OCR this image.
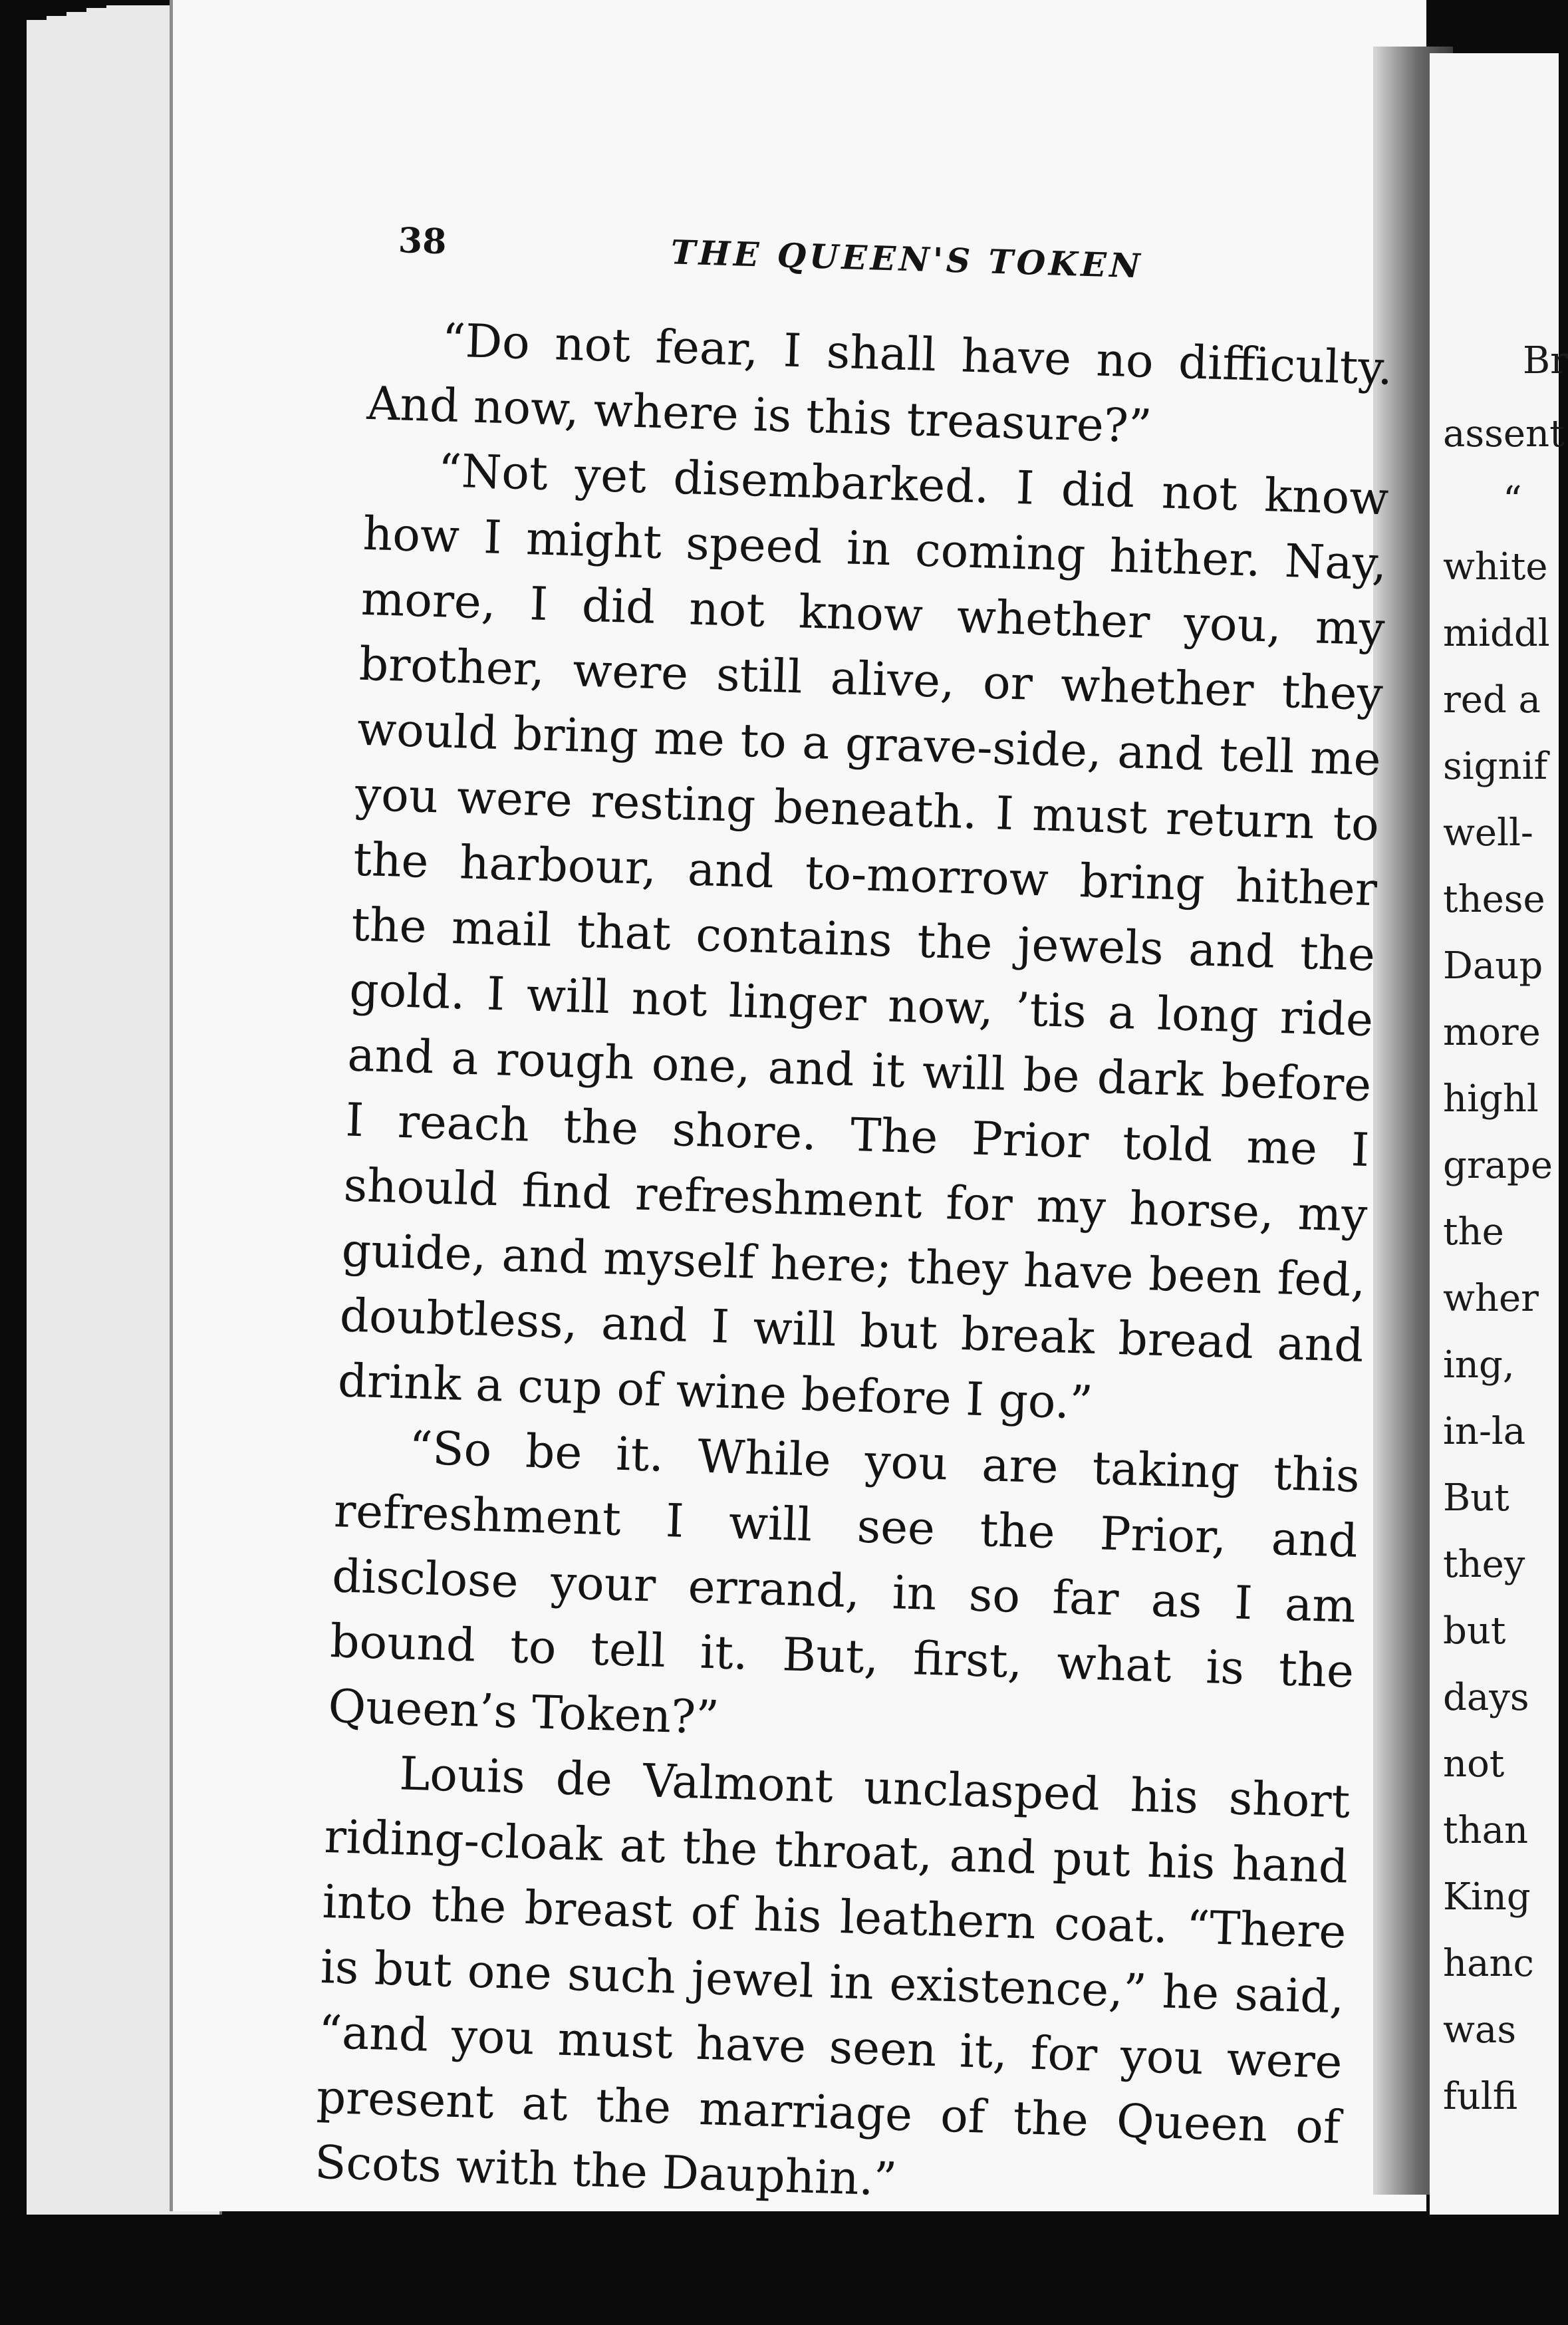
Br
assent
“
white
middl
red a
signif
well-
these
Daup
more
highl
grape
the
wher
ing,
in-la
But
they
but
days
not
than
King
hanc
was
fulfi
38	THE QUEEN'S TOKEN

“Do not fear, I shall have no difficulty. And now, where is this treasure?”

“Not yet disembarked. I did not know how I might speed in coming hither. Nay, more, I did not know whether you, my brother, were still alive, or whether they would bring me to a grave-side, and tell me you were resting beneath. I must return to the harbour, and to-morrow bring hither the mail that contains the jewels and the gold. I will not linger now, ’tis a long ride and a rough one, and it will be dark before I reach the shore. The Prior told me I should find refreshment for my horse, my guide, and myself here; they have been fed, doubtless, and I will but break bread and drink a cup of wine before I go.”

“So be it. While you are taking this refreshment I will see the Prior, and disclose your errand, in so far as I am bound to tell it. But, first, what is the Queen’s Token?”

Louis de Valmont unclasped his short riding-cloak at the throat, and put his hand into the breast of his leathern coat. “There is but one such jewel in existence,” he said, “and you must have seen it, for you were present at the marriage of the Queen of Scots with the Dauphin.”
